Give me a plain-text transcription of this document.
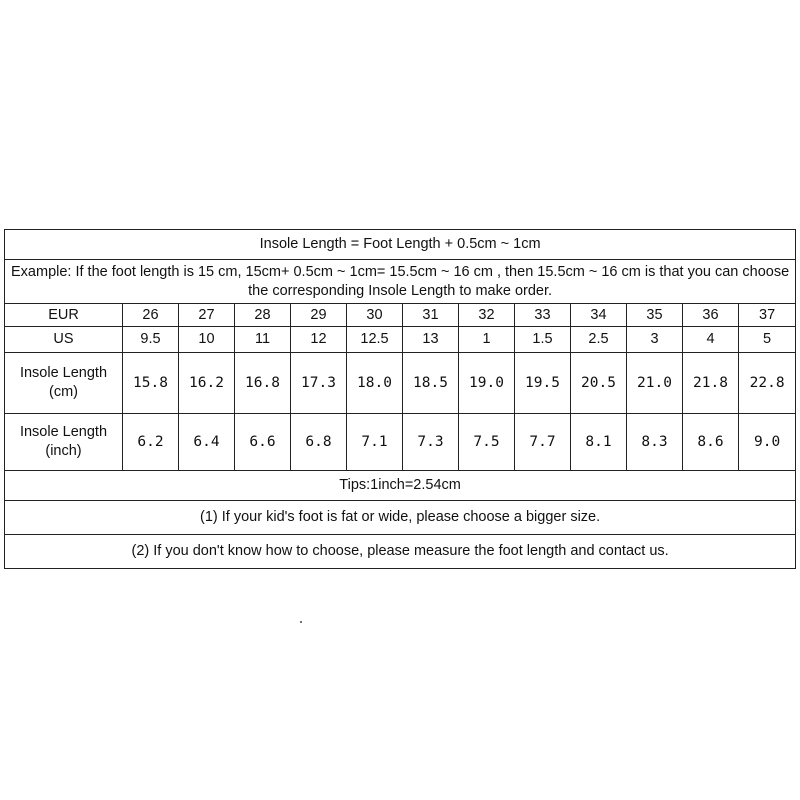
Insole Length = Foot Length + 0.5cm ~ 1cm												
Example: If the foot length is 15 cm, 15cm+ 0.5cm ~ 1cm= 15.5cm ~ 16 cm , then 15.5cm ~ 16 cm is that you can choose the corresponding Insole Length to make order.												
EUR	26	27	28	29	30	31	32	33	34	35	36	37
US	9.5	10	11	12	12.5	13	1	1.5	2.5	3	4	5

Insole Length
(cm)	15.8	16.2	16.8	17.3	18.0	18.5	19.0	19.5	20.5	21.0	21.8	22.8

Insole Length
(inch)	6.2	6.4	6.6	6.8	7.1	7.3	7.5	7.7	8.1	8.3	8.6	9.0
Tips:1inch=2.54cm												
(1) If your kid's foot is fat or wide, please choose a bigger size.												
(2) If you don't know how to choose, please measure the foot length and contact us.												
